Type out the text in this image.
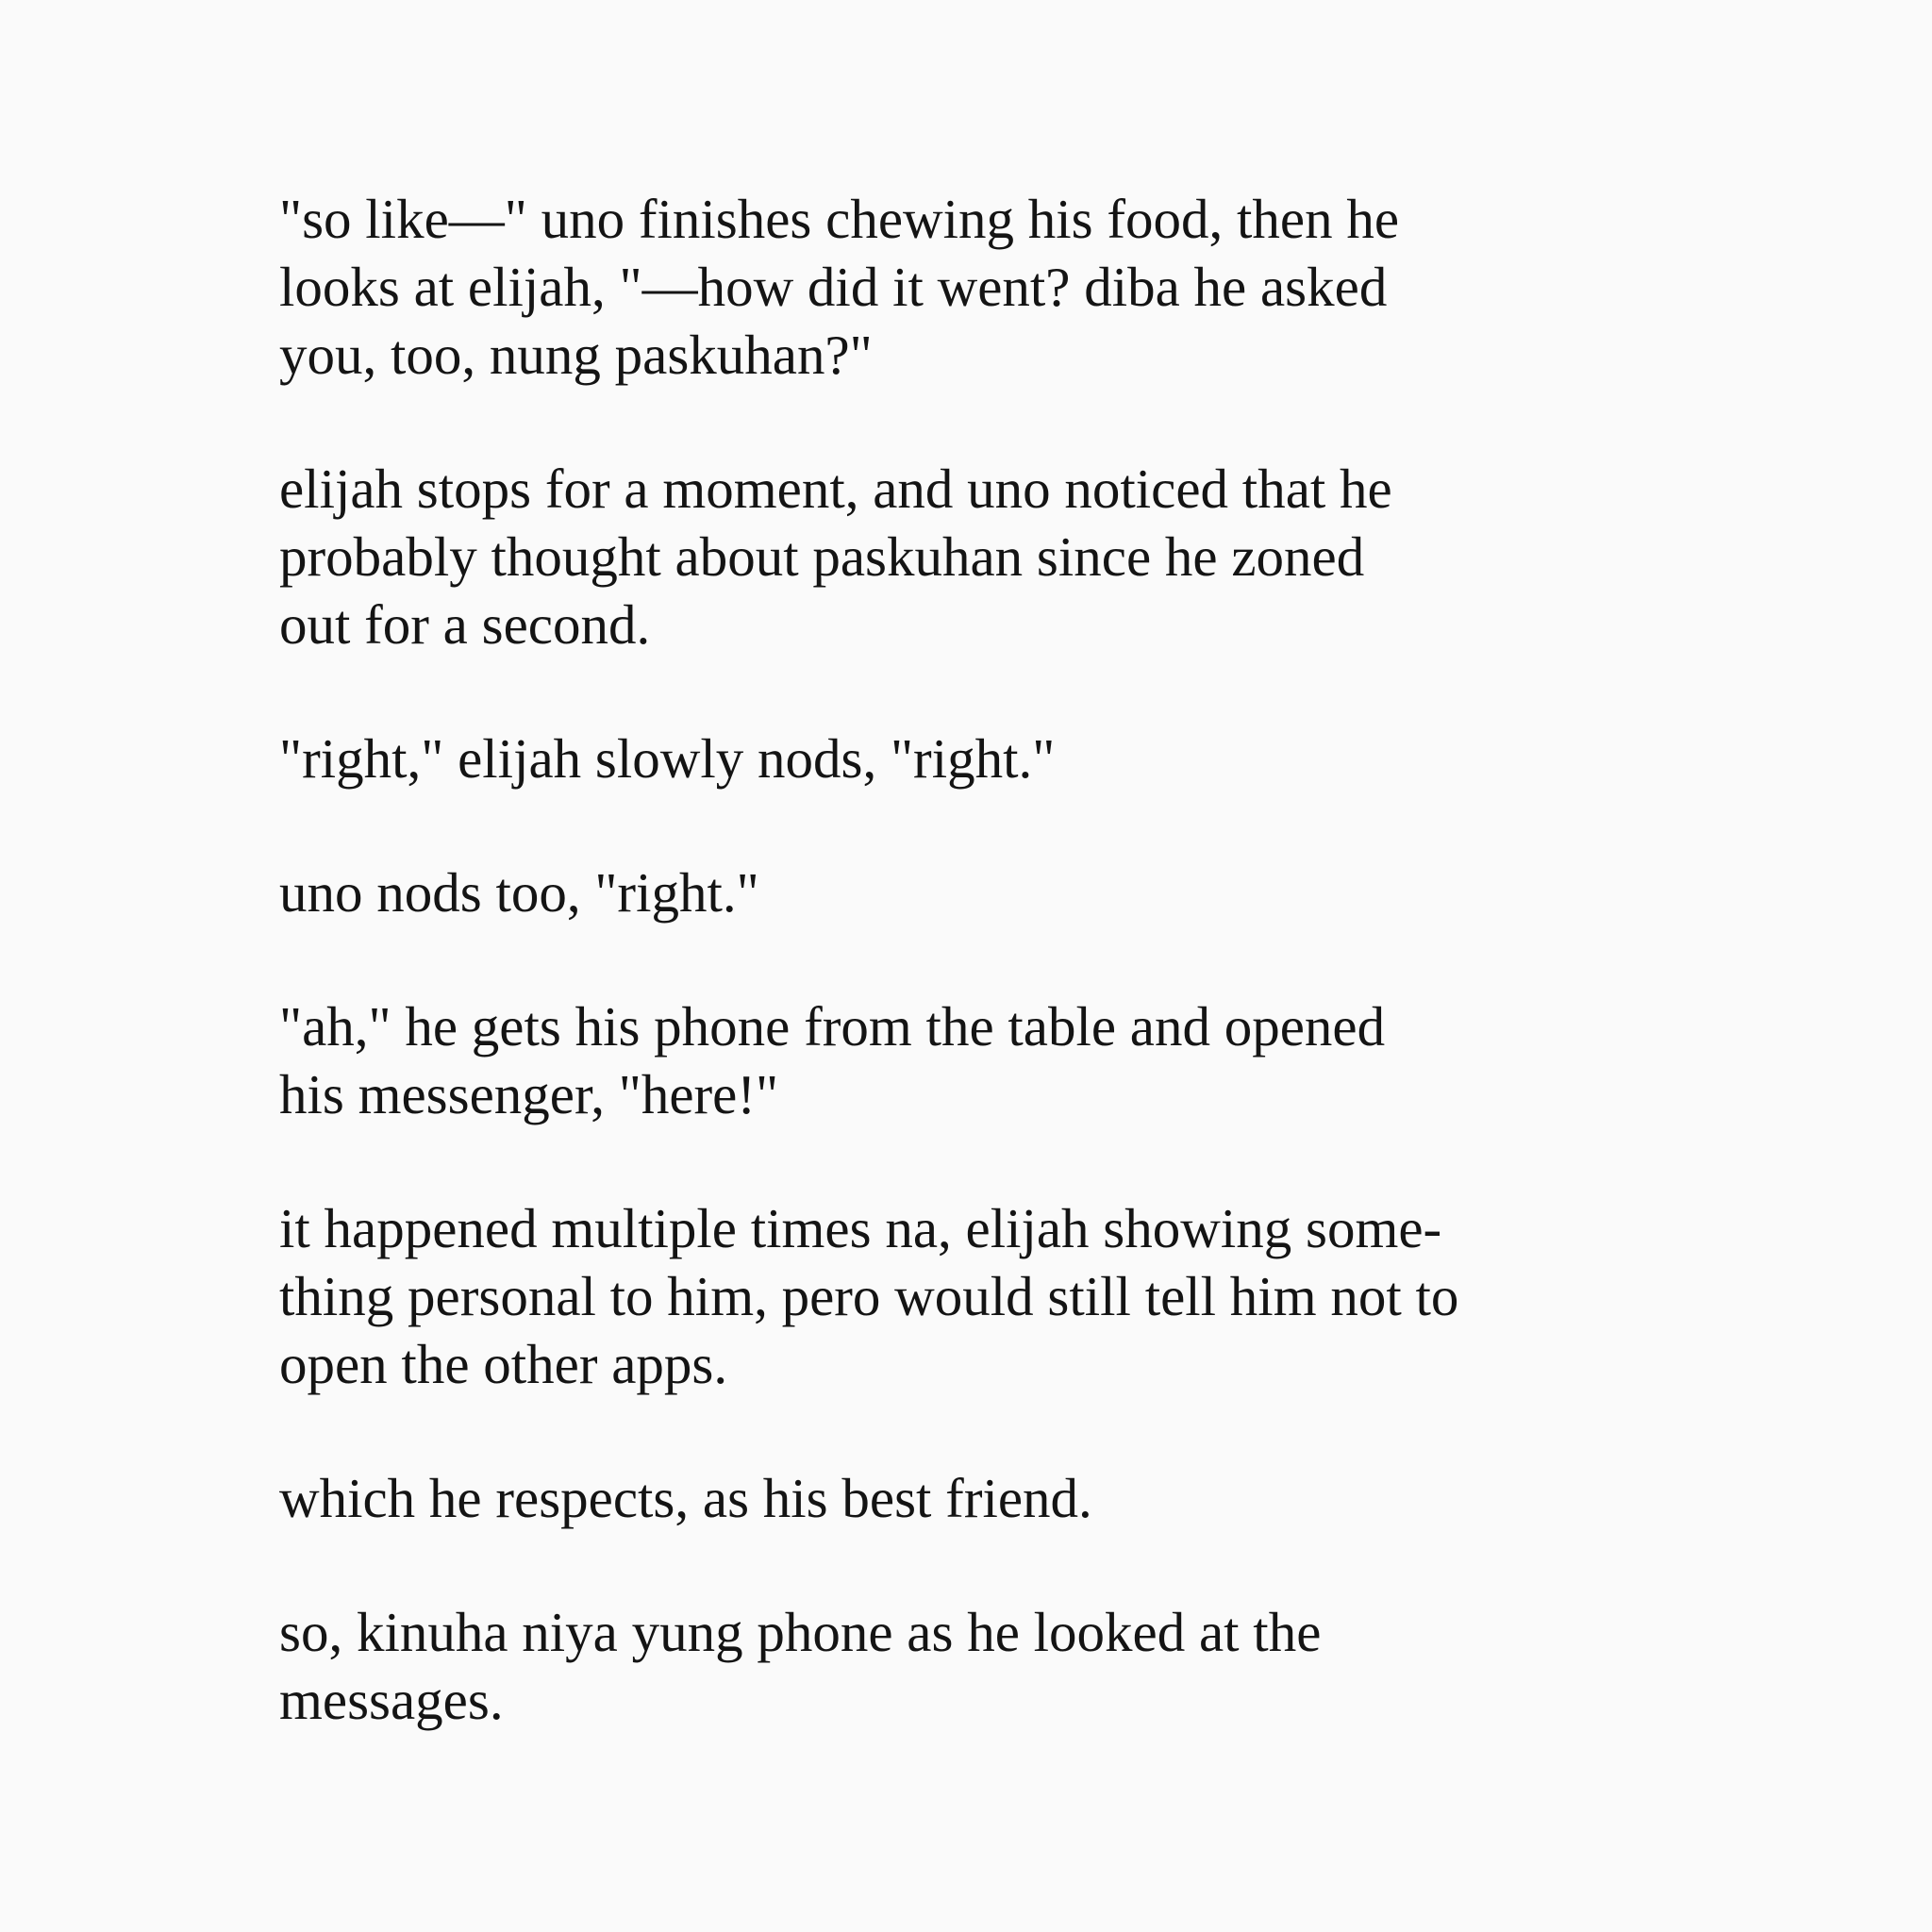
"so like—" uno finishes chewing his food, then he
looks at elijah, "—how did it went? diba he asked
you, too, nung paskuhan?"

elijah stops for a moment, and uno noticed that he
probably thought about paskuhan since he zoned
out for a second.

"right," elijah slowly nods, "right."

uno nods too, "right."

"ah," he gets his phone from the table and opened
his messenger, "here!"

it happened multiple times na, elijah showing some-
thing personal to him, pero would still tell him not to
open the other apps.

which he respects, as his best friend.

so, kinuha niya yung phone as he looked at the
messages.
